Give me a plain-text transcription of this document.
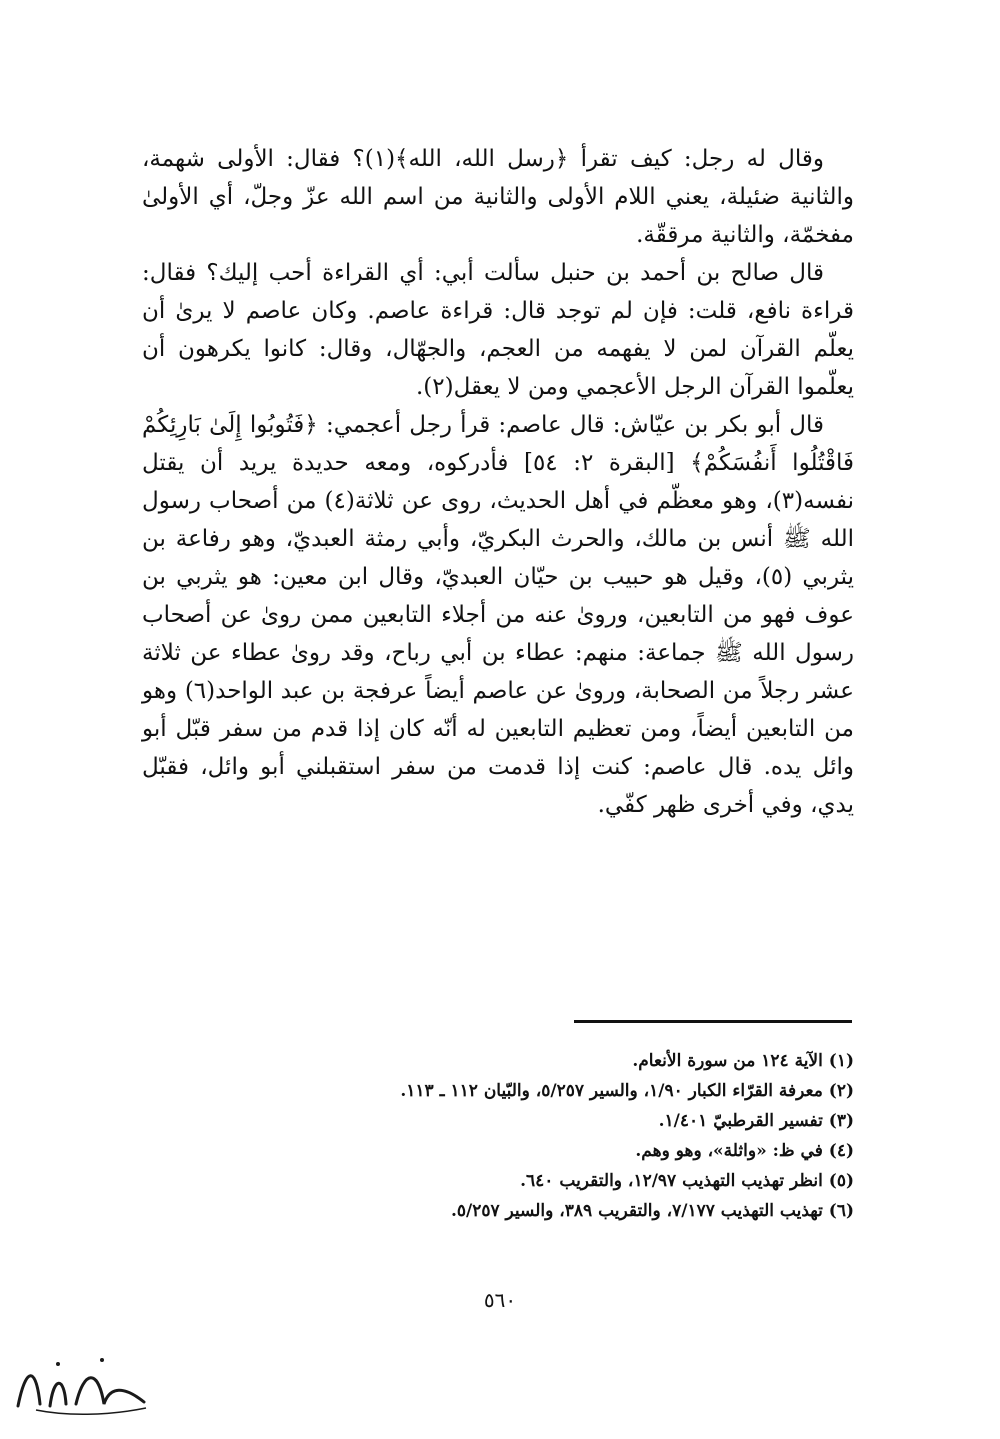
وقال له رجل: كيف تقرأ ﴿رسل الله، الله﴾(١)؟ فقال: الأولى شهمة، والثانية ضئيلة، يعني اللام الأولى والثانية من اسم الله عزّ وجلّ، أي الأولىٰ مفخمّة، والثانية مرققّة.

قال صالح بن أحمد بن حنبل سألت أبي: أي القراءة أحب إليك؟ فقال: قراءة نافع، قلت: فإن لم توجد قال: قراءة عاصم. وكان عاصم لا يرىٰ أن يعلّم القرآن لمن لا يفهمه من العجم، والجهّال، وقال: كانوا يكرهون أن يعلّموا القرآن الرجل الأعجمي ومن لا يعقل(٢).

قال أبو بكر بن عيّاش: قال عاصم: قرأ رجل أعجمي: ﴿فَتُوبُوا إِلَىٰ بَارِئِكُمْ فَاقْتُلُوا أَنفُسَكُمْ﴾ [البقرة ٢: ٥٤] فأدركوه، ومعه حديدة يريد أن يقتل نفسه(٣)، وهو معظّم في أهل الحديث، روى عن ثلاثة(٤) من أصحاب رسول الله ﷺ أنس بن مالك، والحرث البكريّ، وأبي رمثة العبديّ، وهو رفاعة بن يثربي (٥)، وقيل هو حبيب بن حيّان العبديّ، وقال ابن معين: هو يثربي بن عوف فهو من التابعين، وروىٰ عنه من أجلاء التابعين ممن روىٰ عن أصحاب رسول الله ﷺ جماعة: منهم: عطاء بن أبي رباح، وقد روىٰ عطاء عن ثلاثة عشر رجلاً من الصحابة، وروىٰ عن عاصم أيضاً عرفجة بن عبد الواحد(٦) وهو من التابعين أيضاً، ومن تعظيم التابعين له أنّه كان إذا قدم من سفر قبّل أبو وائل يده. قال عاصم: كنت إذا قدمت من سفر استقبلني أبو وائل، فقبّل يدي، وفي أخرى ظهر كفّي.

(١) الآية ١٢٤ من سورة الأنعام.
(٢) معرفة القرّاء الكبار ١/٩٠، والسير ٥/٢٥٧، والبّيان ١١٢ ـ ١١٣.
(٣) تفسير القرطبيّ ١/٤٠١.
(٤) في ظ: «واثلة»، وهو وهم.
(٥) انظر تهذيب التهذيب ١٢/٩٧، والتقريب ٦٤٠.
(٦) تهذيب التهذيب ٧/١٧٧، والتقريب ٣٨٩، والسير ٥/٢٥٧.
٥٦٠
